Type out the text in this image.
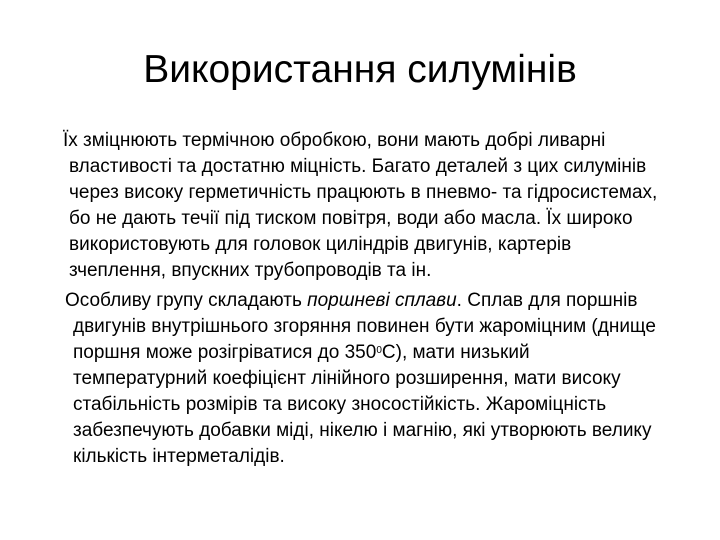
Використання силумінів

Їх зміцнюють термічною обробкою, вони мають добрі ливарні властивості та достатню міцність. Багато деталей з цих силумінів через високу герметичність працюють в пневмо- та гідросистемах, бо не дають течії під тиском повітря, води або масла. Їх широко використовують для головок циліндрів двигунів, картерів зчеплення, впускних трубопроводів та ін.

Особливу групу складають поршневі сплави. Сплав для поршнів двигунів внутрішнього згоряння повинен бути жароміцним (днище поршня може розігріватися до $350^0С$), мати низький температурний коефіцієнт лінійного розширення, мати високу стабільність розмірів та високу зносостійкість. Жароміцність забезпечують добавки міді, нікелю і магнію, які утворюють велику кількість інтерметалідів.
